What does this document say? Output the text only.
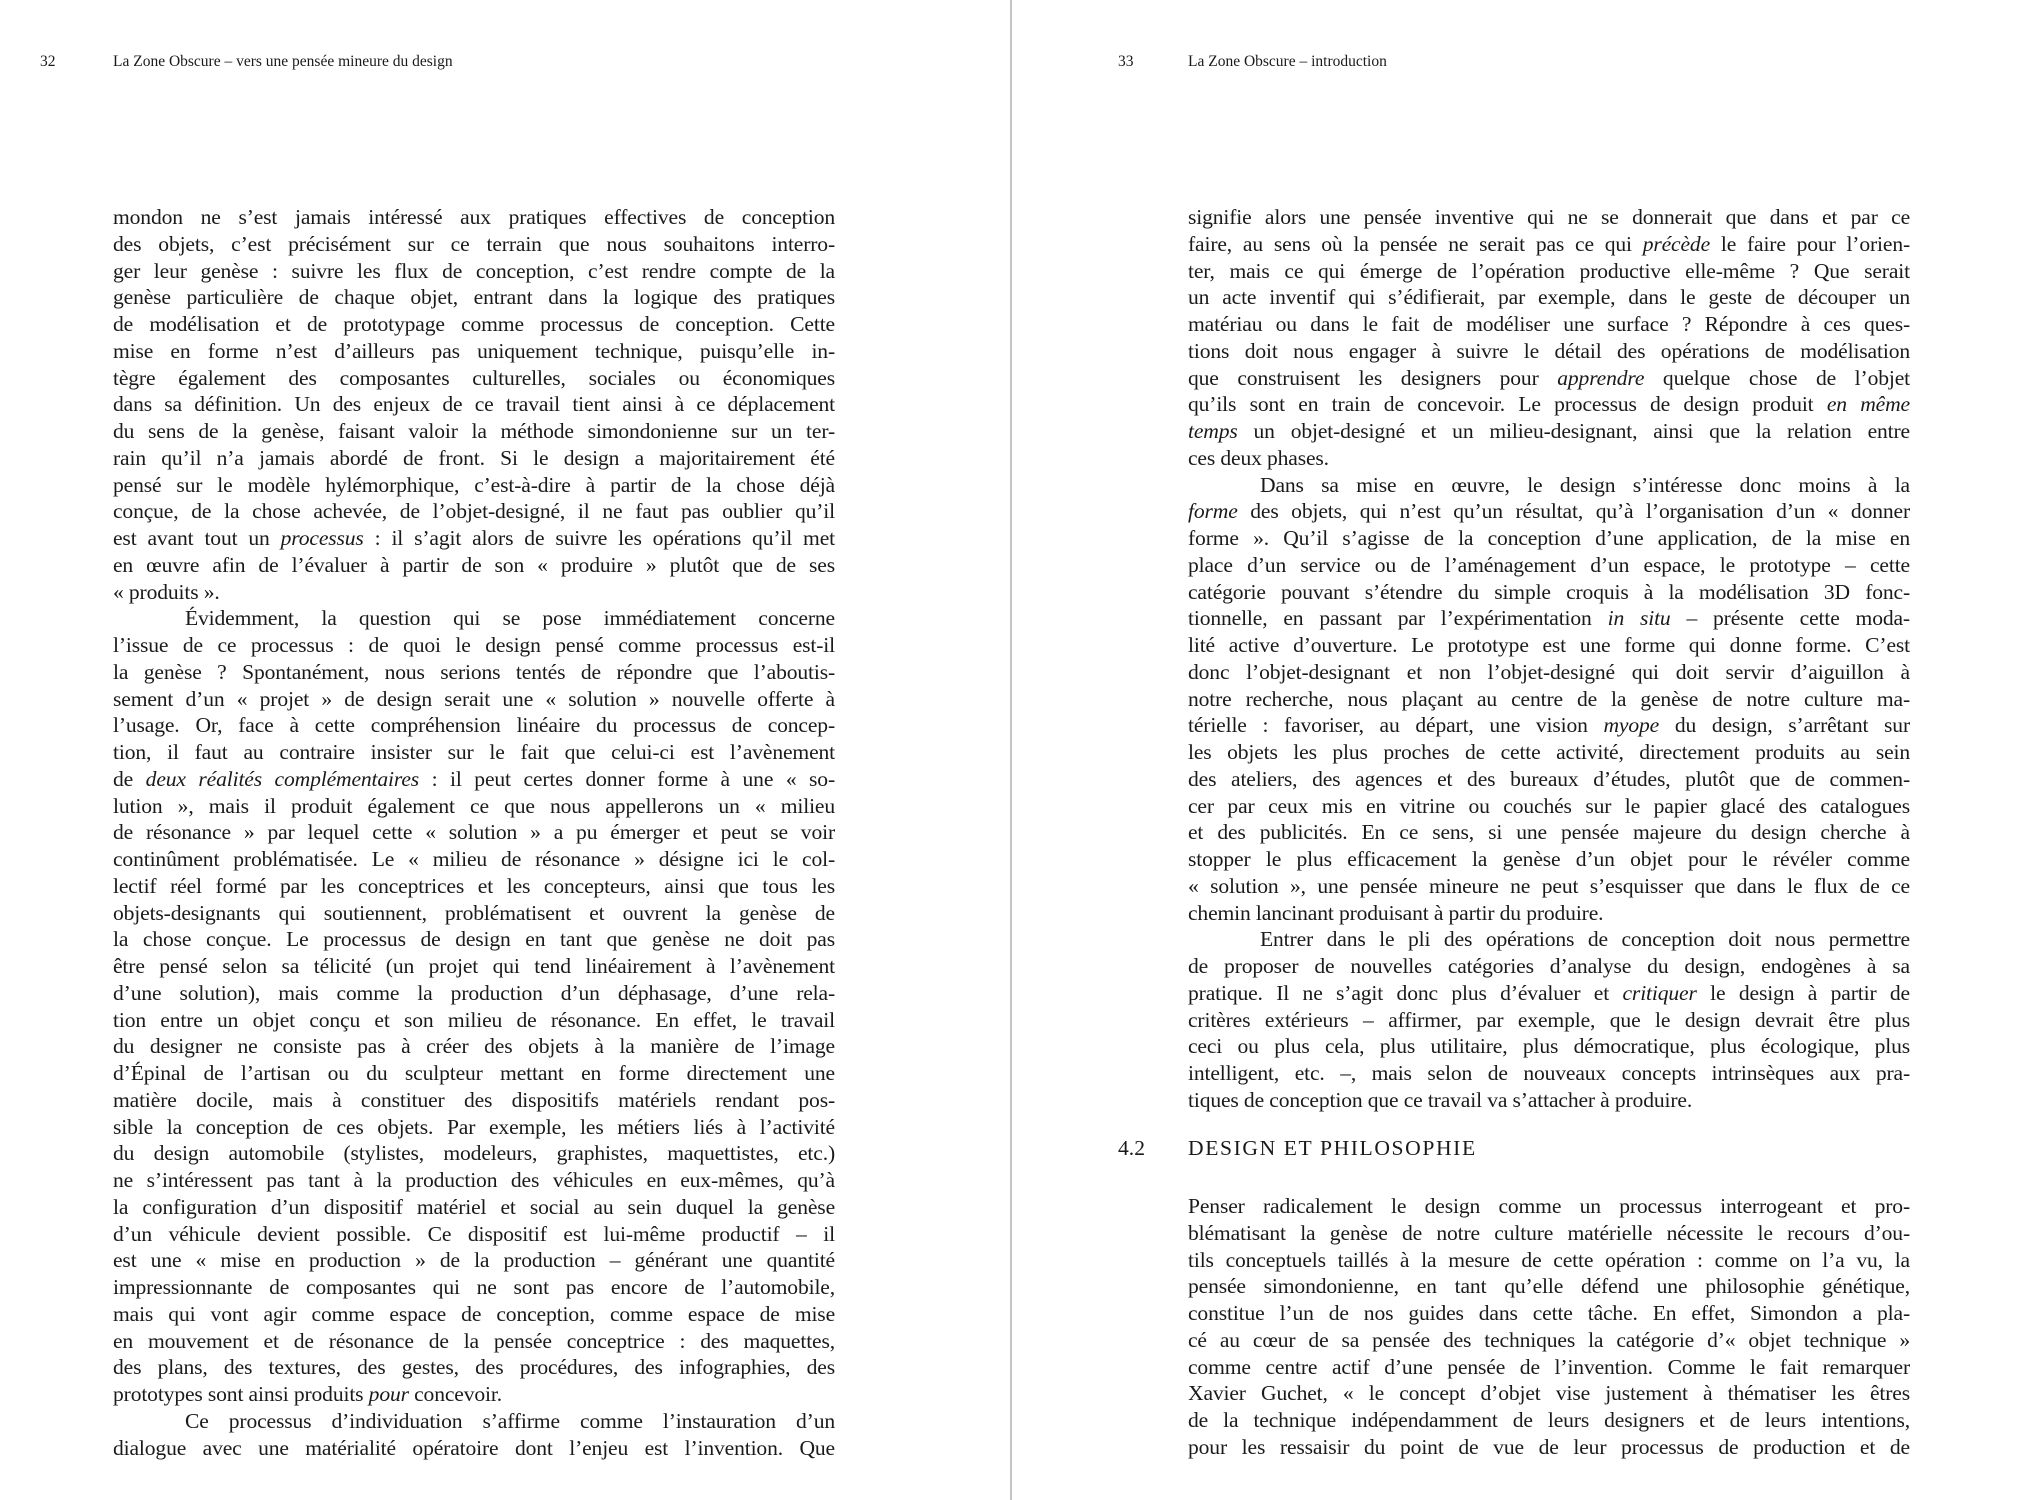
32	La Zone Obscure – vers une pensée mineure du design	33	La Zone Obscure – introduction
mondon ne s’est jamais intéressé aux pratiques effectives de conception
des objets, c’est précisément sur ce terrain que nous souhaitons interro-
ger leur genèse : suivre les flux de conception, c’est rendre compte de la
genèse particulière de chaque objet, entrant dans la logique des pratiques
de modélisation et de prototypage comme processus de conception. Cette
mise en forme n’est d’ailleurs pas uniquement technique, puisqu’elle in-
tègre également des composantes culturelles, sociales ou économiques
dans sa définition. Un des enjeux de ce travail tient ainsi à ce déplacement
du sens de la genèse, faisant valoir la méthode simondonienne sur un ter-
rain qu’il n’a jamais abordé de front. Si le design a majoritairement été
pensé sur le modèle hylémorphique, c’est-à-dire à partir de la chose déjà
conçue, de la chose achevée, de l’objet-designé, il ne faut pas oublier qu’il
est avant tout un processus : il s’agit alors de suivre les opérations qu’il met
en œuvre afin de l’évaluer à partir de son « produire » plutôt que de ses
« produits ».
Évidemment, la question qui se pose immédiatement concerne
l’issue de ce processus : de quoi le design pensé comme processus est-il
la genèse ? Spontanément, nous serions tentés de répondre que l’aboutis-
sement d’un « projet » de design serait une « solution » nouvelle offerte à
l’usage. Or, face à cette compréhension linéaire du processus de concep-
tion, il faut au contraire insister sur le fait que celui-ci est l’avènement
de deux réalités complémentaires : il peut certes donner forme à une « so-
lution », mais il produit également ce que nous appellerons un « milieu
de résonance » par lequel cette « solution » a pu émerger et peut se voir
continûment problématisée. Le « milieu de résonance » désigne ici le col-
lectif réel formé par les conceptrices et les concepteurs, ainsi que tous les
objets-designants qui soutiennent, problématisent et ouvrent la genèse de
la chose conçue. Le processus de design en tant que genèse ne doit pas
être pensé selon sa télicité (un projet qui tend linéairement à l’avènement
d’une solution), mais comme la production d’un déphasage, d’une rela-
tion entre un objet conçu et son milieu de résonance. En effet, le travail
du designer ne consiste pas à créer des objets à la manière de l’image
d’Épinal de l’artisan ou du sculpteur mettant en forme directement une
matière docile, mais à constituer des dispositifs matériels rendant pos-
sible la conception de ces objets. Par exemple, les métiers liés à l’activité
du design automobile (stylistes, modeleurs, graphistes, maquettistes, etc.)
ne s’intéressent pas tant à la production des véhicules en eux-mêmes, qu’à
la configuration d’un dispositif matériel et social au sein duquel la genèse
d’un véhicule devient possible. Ce dispositif est lui-même productif – il
est une « mise en production » de la production – générant une quantité
impressionnante de composantes qui ne sont pas encore de l’automobile,
mais qui vont agir comme espace de conception, comme espace de mise
en mouvement et de résonance de la pensée conceptrice : des maquettes,
des plans, des textures, des gestes, des procédures, des infographies, des
prototypes sont ainsi produits pour concevoir.
Ce processus d’individuation s’affirme comme l’instauration d’un
dialogue avec une matérialité opératoire dont l’enjeu est l’invention. Que
signifie alors une pensée inventive qui ne se donnerait que dans et par ce
faire, au sens où la pensée ne serait pas ce qui précède le faire pour l’orien-
ter, mais ce qui émerge de l’opération productive elle-même ? Que serait
un acte inventif qui s’édifierait, par exemple, dans le geste de découper un
matériau ou dans le fait de modéliser une surface ? Répondre à ces ques-
tions doit nous engager à suivre le détail des opérations de modélisation
que construisent les designers pour apprendre quelque chose de l’objet
qu’ils sont en train de concevoir. Le processus de design produit en même
temps un objet-designé et un milieu-designant, ainsi que la relation entre
ces deux phases.
Dans sa mise en œuvre, le design s’intéresse donc moins à la
forme des objets, qui n’est qu’un résultat, qu’à l’organisation d’un « donner
forme ». Qu’il s’agisse de la conception d’une application, de la mise en
place d’un service ou de l’aménagement d’un espace, le prototype – cette
catégorie pouvant s’étendre du simple croquis à la modélisation 3D fonc-
tionnelle, en passant par l’expérimentation in situ – présente cette moda-
lité active d’ouverture. Le prototype est une forme qui donne forme. C’est
donc l’objet-designant et non l’objet-designé qui doit servir d’aiguillon à
notre recherche, nous plaçant au centre de la genèse de notre culture ma-
térielle : favoriser, au départ, une vision myope du design, s’arrêtant sur
les objets les plus proches de cette activité, directement produits au sein
des ateliers, des agences et des bureaux d’études, plutôt que de commen-
cer par ceux mis en vitrine ou couchés sur le papier glacé des catalogues
et des publicités. En ce sens, si une pensée majeure du design cherche à
stopper le plus efficacement la genèse d’un objet pour le révéler comme
« solution », une pensée mineure ne peut s’esquisser que dans le flux de ce
chemin lancinant produisant à partir du produire.
Entrer dans le pli des opérations de conception doit nous permettre
de proposer de nouvelles catégories d’analyse du design, endogènes à sa
pratique. Il ne s’agit donc plus d’évaluer et critiquer le design à partir de
critères extérieurs – affirmer, par exemple, que le design devrait être plus
ceci ou plus cela, plus utilitaire, plus démocratique, plus écologique, plus
intelligent, etc. –, mais selon de nouveaux concepts intrinsèques aux pra-
tiques de conception que ce travail va s’attacher à produire.
4.2 DESIGN ET PHILOSOPHIE
Penser radicalement le design comme un processus interrogeant et pro-
blématisant la genèse de notre culture matérielle nécessite le recours d’ou-
tils conceptuels taillés à la mesure de cette opération : comme on l’a vu, la
pensée simondonienne, en tant qu’elle défend une philosophie génétique,
constitue l’un de nos guides dans cette tâche. En effet, Simondon a pla-
cé au cœur de sa pensée des techniques la catégorie d’« objet technique »
comme centre actif d’une pensée de l’invention. Comme le fait remarquer
Xavier Guchet, « le concept d’objet vise justement à thématiser les êtres
de la technique indépendamment de leurs designers et de leurs intentions,
pour les ressaisir du point de vue de leur processus de production et de
